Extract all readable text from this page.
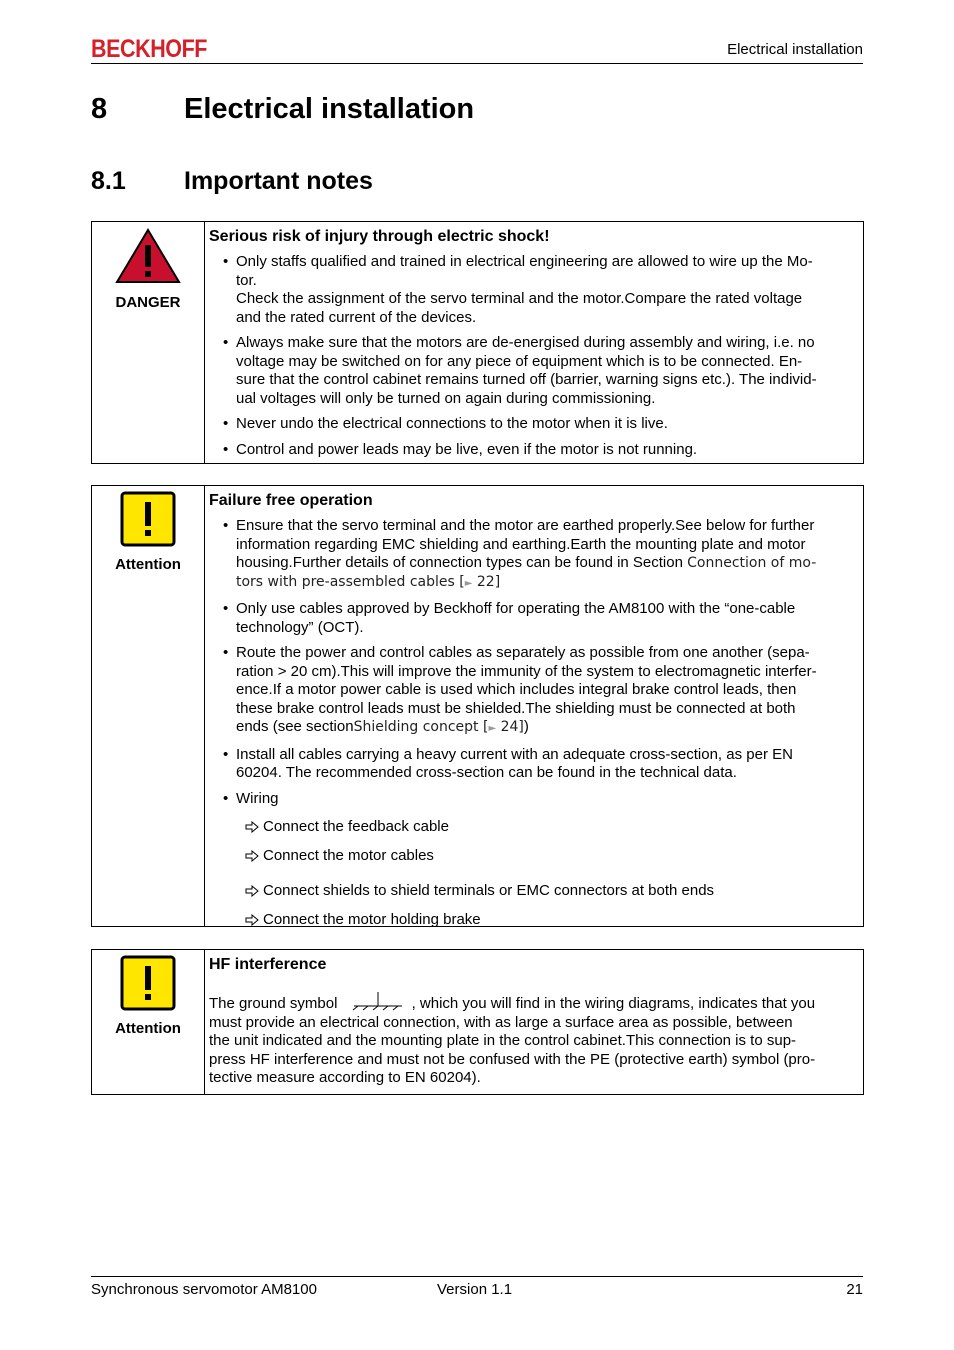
BECKHOFF	Electrical installation
8	Electrical installation
8.1 Important notes
DANGER
Serious risk of injury through electric shock!
• Only staffs qualified and trained in electrical engineering are allowed to wire up the Mo-
tor.
Check the assignment of the servo terminal and the motor.Compare the rated voltage
and the rated current of the devices.
• Always make sure that the motors are de-energised during assembly and wiring, i.e. no
voltage may be switched on for any piece of equipment which is to be connected. En-
sure that the control cabinet remains turned off (barrier, warning signs etc.). The individ-
ual voltages will only be turned on again during commissioning.
• Never undo the electrical connections to the motor when it is live.
• Control and power leads may be live, even if the motor is not running.
Attention
Failure free operation
• Ensure that the servo terminal and the motor are earthed properly.See below for further
information regarding EMC shielding and earthing.Earth the mounting plate and motor
housing.Further details of connection types can be found in Section Connection of mo-
tors with pre-assembled cables [► 22]
• Only use cables approved by Beckhoff for operating the AM8100 with the “one-cable
technology” (OCT).
• Route the power and control cables as separately as possible from one another (sepa-
ration > 20 cm).This will improve the immunity of the system to electromagnetic interfer-
ence.If a motor power cable is used which includes integral brake control leads, then
these brake control leads must be shielded.The shielding must be connected at both
ends (see sectionShielding concept [► 24])
• Install all cables carrying a heavy current with an adequate cross-section, as per EN
60204. The recommended cross-section can be found in the technical data.
• Wiring
Connect the feedback cable
Connect the motor cables
Connect shields to shield terminals or EMC connectors at both ends
Connect the motor holding brake
Attention
HF interference
The ground symbol	, which you will find in the wiring diagrams, indicates that you
must provide an electrical connection, with as large a surface area as possible, between
the unit indicated and the mounting plate in the control cabinet.This connection is to sup-
press HF interference and must not be confused with the PE (protective earth) symbol (pro-
tective measure according to EN 60204).
Synchronous servomotor AM8100	Version 1.1	21
